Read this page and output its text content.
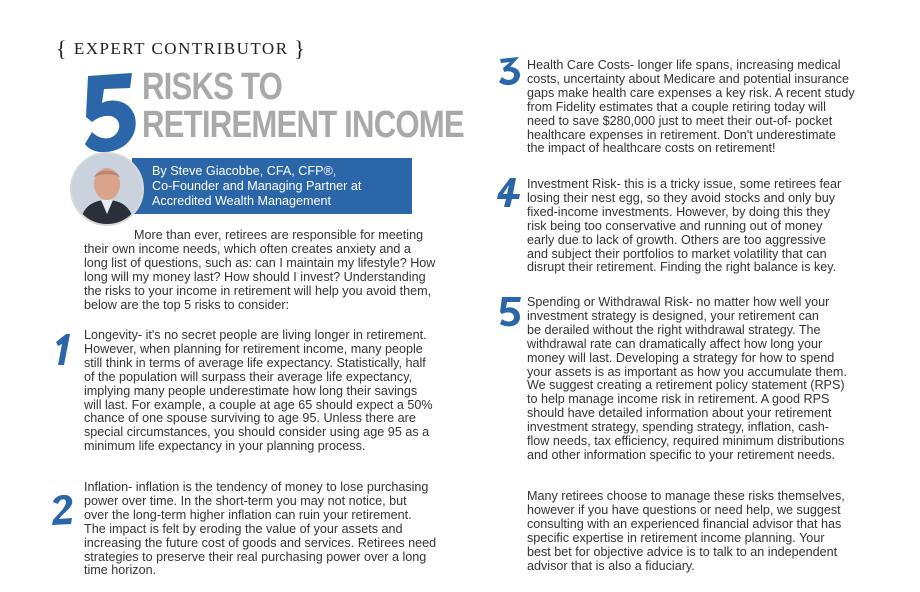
{ EXPERT CONTRIBUTOR }
RISKS TO
RETIREMENT INCOME
By Steve Giacobbe, CFA, CFP®,
Co-Founder and Managing Partner at
Accredited Wealth Management
More than ever, retirees are responsible for meeting
their own income needs, which often creates anxiety and a
long list of questions, such as: can I maintain my lifestyle? How
long will my money last? How should I invest? Understanding
the risks to your income in retirement will help you avoid them,
below are the top 5 risks to consider:
Longevity- it's no secret people are living longer in retirement.
However, when planning for retirement income, many people
still think in terms of average life expectancy. Statistically, half
of the population will surpass their average life expectancy,
implying many people underestimate how long their savings
will last. For example, a couple at age 65 should expect a 50%
chance of one spouse surviving to age 95. Unless there are
special circumstances, you should consider using age 95 as a
minimum life expectancy in your planning process.
Inflation- inflation is the tendency of money to lose purchasing
power over time. In the short-term you may not notice, but
over the long-term higher inflation can ruin your retirement.
The impact is felt by eroding the value of your assets and
increasing the future cost of goods and services. Retirees need
strategies to preserve their real purchasing power over a long
time horizon.
Health Care Costs- longer life spans, increasing medical
costs, uncertainty about Medicare and potential insurance
gaps make health care expenses a key risk. A recent study
from Fidelity estimates that a couple retiring today will
need to save $280,000 just to meet their out-of- pocket
healthcare expenses in retirement. Don't underestimate
the impact of healthcare costs on retirement!
Investment Risk- this is a tricky issue, some retirees fear
losing their nest egg, so they avoid stocks and only buy
fixed-income investments. However, by doing this they
risk being too conservative and running out of money
early due to lack of growth. Others are too aggressive
and subject their portfolios to market volatility that can
disrupt their retirement. Finding the right balance is key.
Spending or Withdrawal Risk- no matter how well your
investment strategy is designed, your retirement can
be derailed without the right withdrawal strategy. The
withdrawal rate can dramatically affect how long your
money will last. Developing a strategy for how to spend
your assets is as important as how you accumulate them.
We suggest creating a retirement policy statement (RPS)
to help manage income risk in retirement. A good RPS
should have detailed information about your retirement
investment strategy, spending strategy, inflation, cash-
flow needs, tax efficiency, required minimum distributions
and other information specific to your retirement needs.
Many retirees choose to manage these risks themselves,
however if you have questions or need help, we suggest
consulting with an experienced financial advisor that has
specific expertise in retirement income planning. Your
best bet for objective advice is to talk to an independent
advisor that is also a fiduciary.
